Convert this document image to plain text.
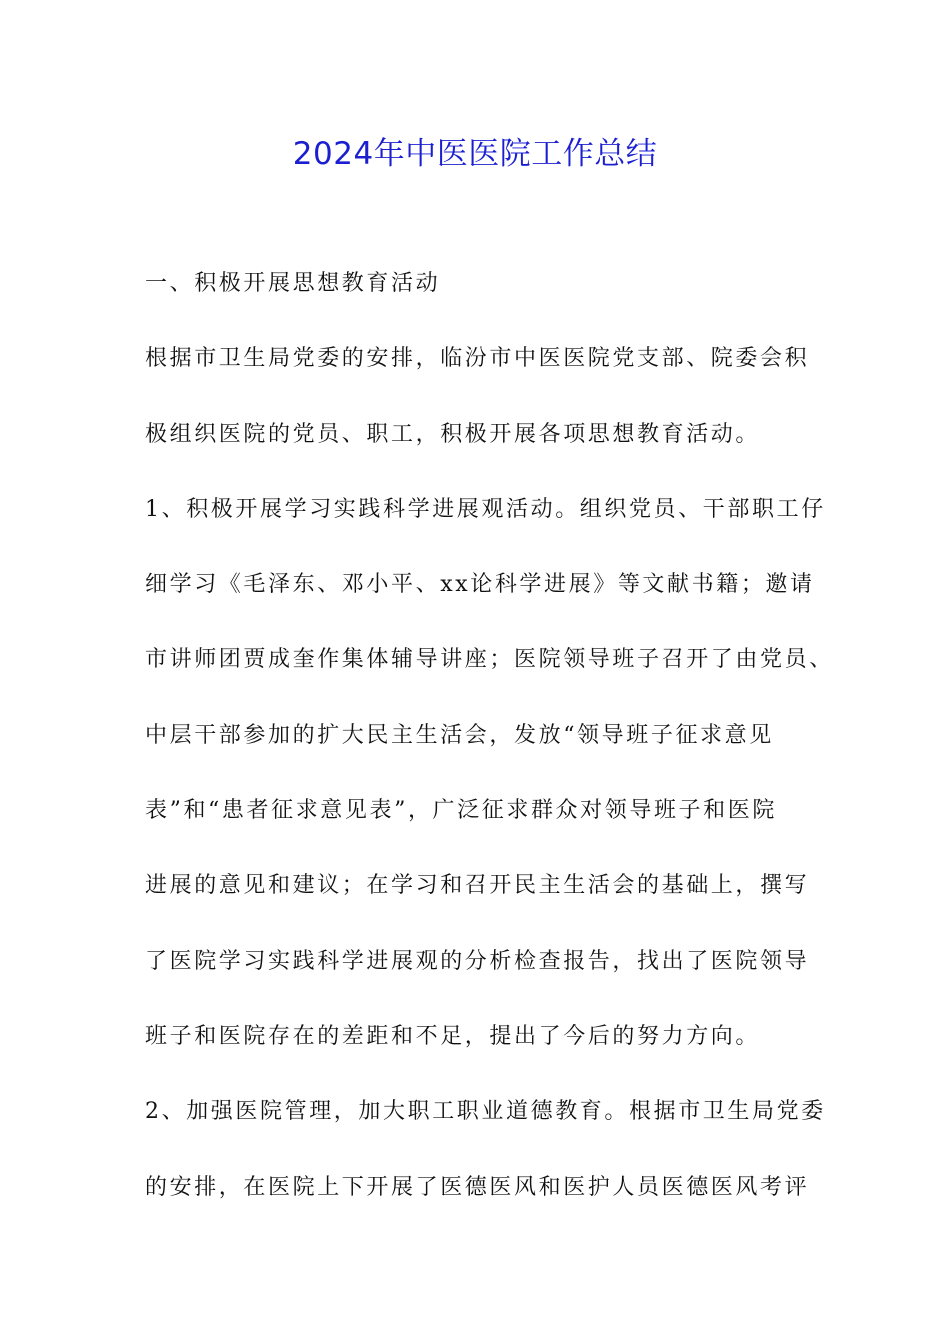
2024年中医医院工作总结
一、积极开展思想教育活动
根据市卫生局党委的安排，临汾市中医医院党支部、院委会积
极组织医院的党员、职工，积极开展各项思想教育活动。
1、积极开展学习实践科学进展观活动。组织党员、干部职工仔
细学习《毛泽东、邓小平、xx论科学进展》等文献书籍；邀请
市讲师团贾成奎作集体辅导讲座；医院领导班子召开了由党员、
中层干部参加的扩大民主生活会，发放“领导班子征求意见
表”和“患者征求意见表”，广泛征求群众对领导班子和医院
进展的意见和建议；在学习和召开民主生活会的基础上，撰写
了医院学习实践科学进展观的分析检查报告，找出了医院领导
班子和医院存在的差距和不足，提出了今后的努力方向。
2、加强医院管理，加大职工职业道德教育。根据市卫生局党委
的安排，在医院上下开展了医德医风和医护人员医德医风考评
